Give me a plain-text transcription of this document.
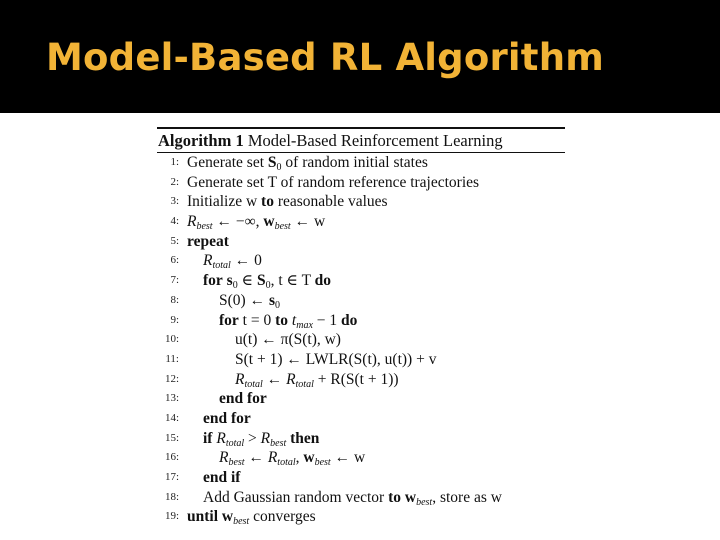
Model-Based RL Algorithm
Algorithm 1 Model-Based Reinforcement Learning
1: Generate set $S_0$ of random initial states
2: Generate set T of random reference trajectories
3: Initialize w to reasonable values
4: $R_{best}$ ← −∞, $w_{best}$ ← w
5: repeat
6: $R_{total}$ ← 0
7: for $s_0$ ∈ $S_0$, t ∈ T do
8:	S(0) ← $s_0$
9:	for t = 0 to $t_{max} - 1$ do
10:	u(t) ← π(S(t), w)
11:	S(t + 1) ← LWLR(S(t), u(t)) + v
12:	$R_{total}$ ← $R_{total} + R(S(t + 1))$
13:	end for
14: end for
15: if $R_{total} > R_{best}$ then
16:	$R_{best}$ ← $R_{total}$, $w_{best}$ ← w
17: end if
18: Add Gaussian random vector to $w_{best}$, store as w
19: until $w_{best}$ converges
